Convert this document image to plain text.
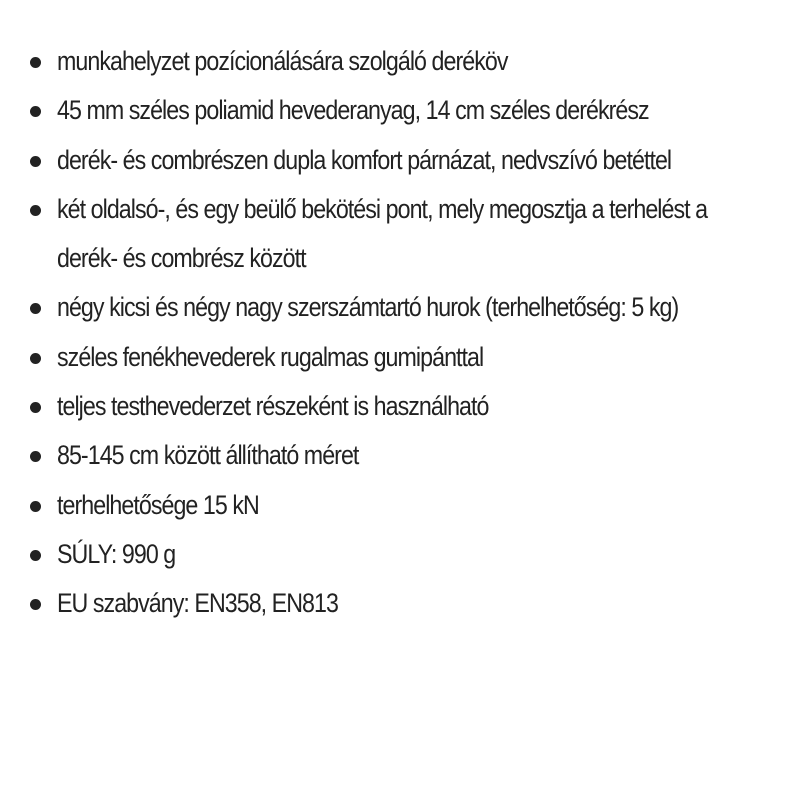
munkahelyzet pozícionálására szolgáló deréköv
45 mm széles poliamid hevederanyag, 14 cm széles derékrész
derék- és combrészen dupla komfort párnázat, nedvszívó betéttel
két oldalsó-, és egy beülő bekötési pont, mely megosztja a terhelést a derék- és combrész között
négy kicsi és négy nagy szerszámtartó hurok (terhelhetőség: 5 kg)
széles fenékhevederek rugalmas gumipánttal
teljes testhevederzet részeként is használható
85-145 cm között állítható méret
terhelhetősége 15 kN
SÚLY: 990 g
EU szabvány: EN358, EN813
